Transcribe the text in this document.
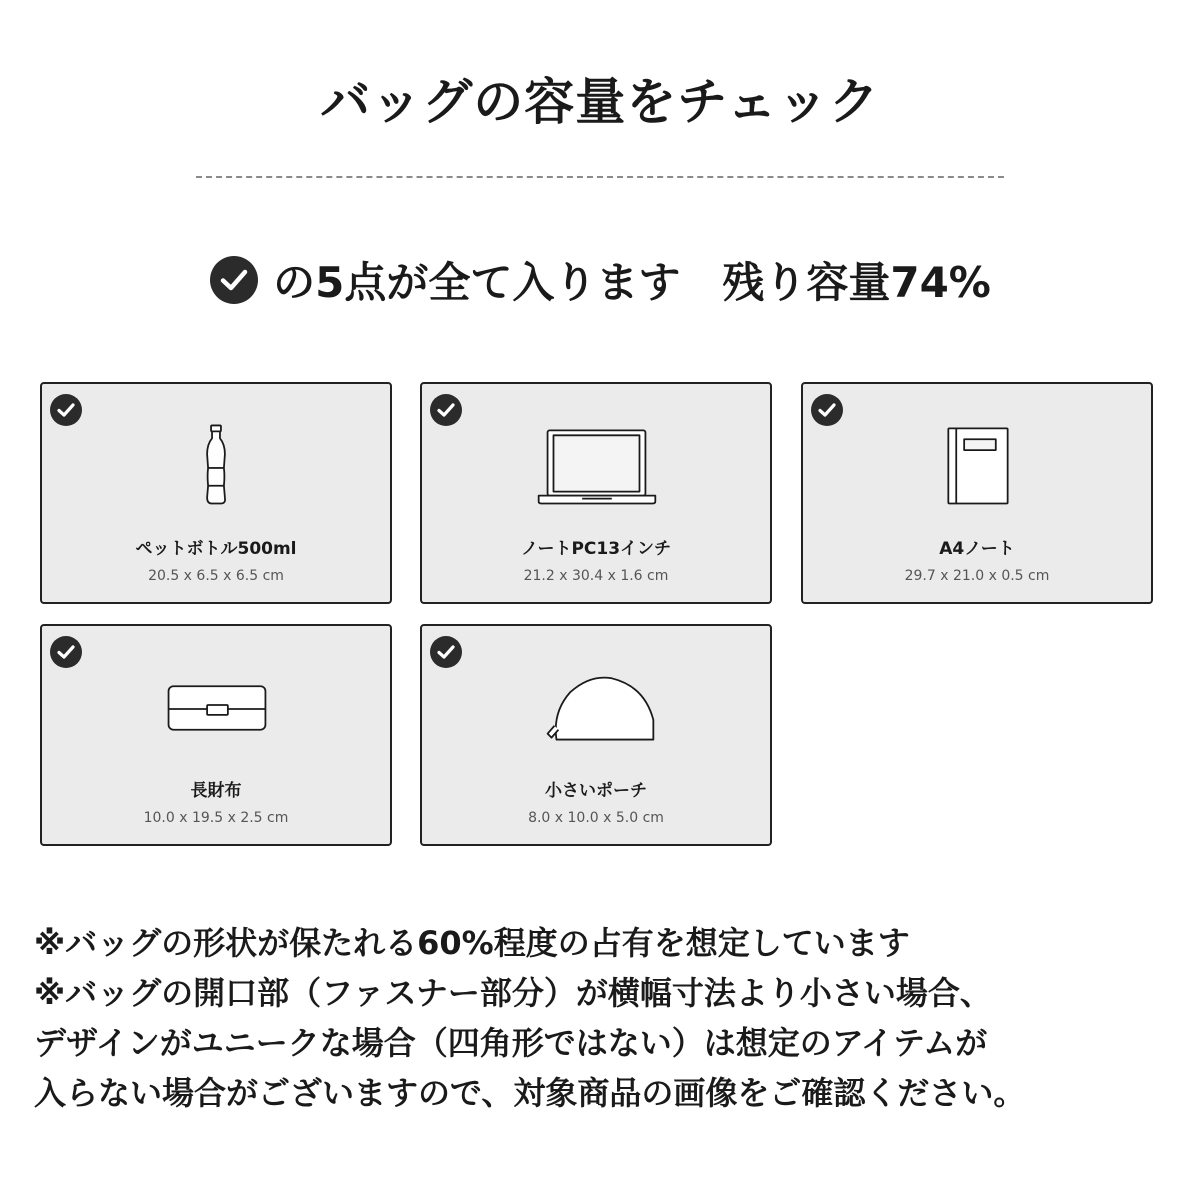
バッグの容量をチェック
の5点が全て入ります 残り容量74%
ペットボトル500ml
20.5 x 6.5 x 6.5 cm
ノートPC13インチ
21.2 x 30.4 x 1.6 cm
A4ノート
29.7 x 21.0 x 0.5 cm
長財布
10.0 x 19.5 x 2.5 cm
小さいポーチ
8.0 x 10.0 x 5.0 cm
※バッグの形状が保たれる60%程度の占有を想定しています
※バッグの開口部（ファスナー部分）が横幅寸法より小さい場合、
デザインがユニークな場合（四角形ではない）は想定のアイテムが
入らない場合がございますので、対象商品の画像をご確認ください。
